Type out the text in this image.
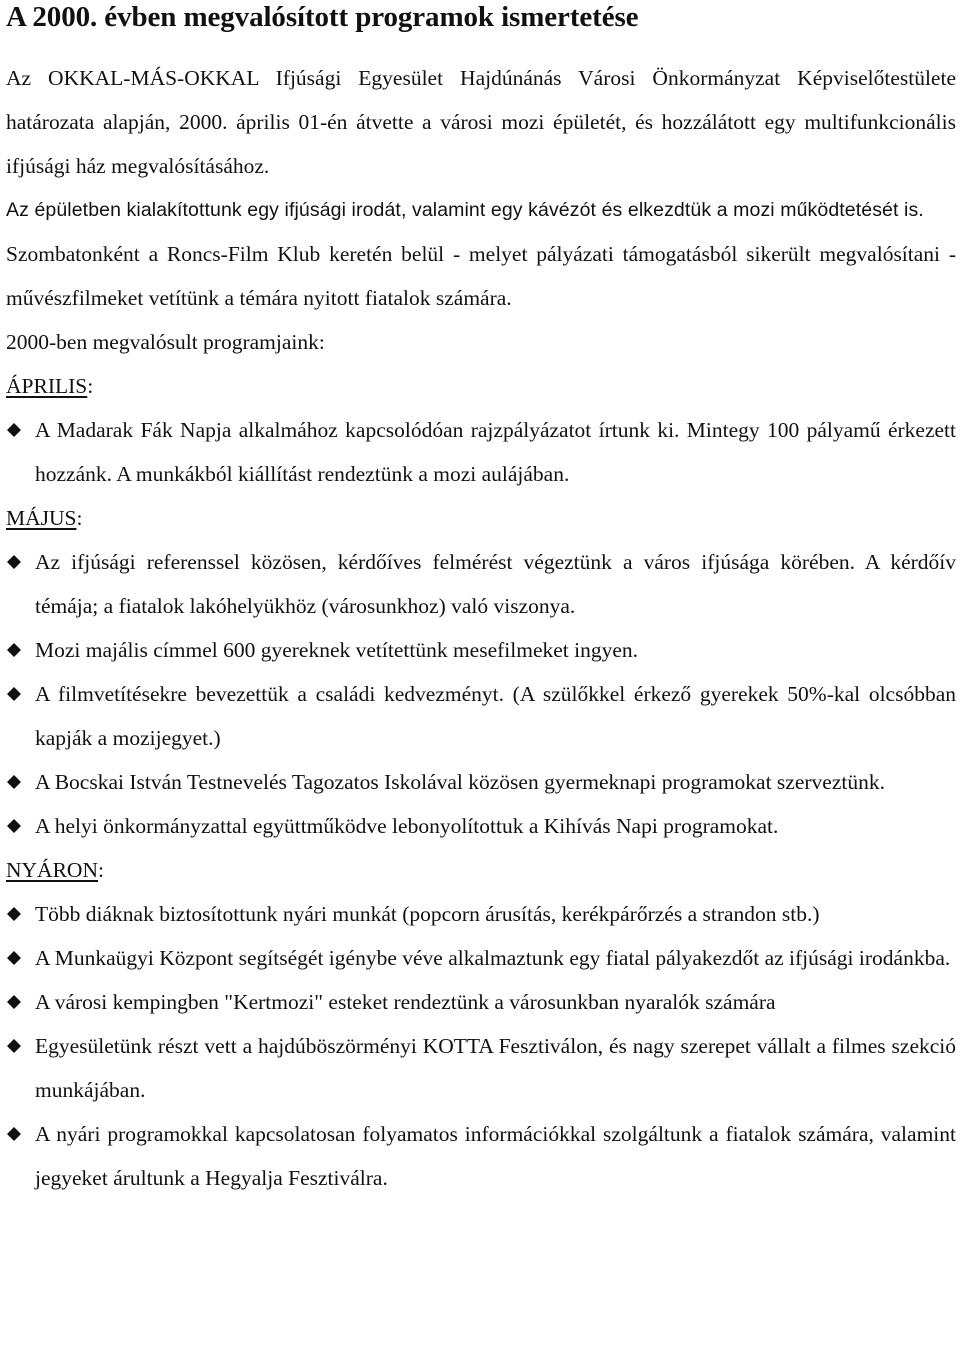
A 2000. évben megvalósított programok ismertetése

Az OKKAL-MÁS-OKKAL Ifjúsági Egyesület Hajdúnánás Városi Önkormányzat Képviselőtestülete határozata alapján, 2000. április 01-én átvette a városi mozi épületét, és hozzálátott egy multifunkcionális ifjúsági ház megvalósításához.

Az épületben kialakítottunk egy ifjúsági irodát, valamint egy kávézót és elkezdtük a mozi működtetését is.

Szombatonként a Roncs-Film Klub keretén belül - melyet pályázati támogatásból sikerült megvalósítani - művészfilmeket vetítünk a témára nyitott fiatalok számára.

2000-ben megvalósult programjaink:

ÁPRILIS:
A Madarak Fák Napja alkalmához kapcsolódóan rajzpályázatot írtunk ki. Mintegy 100 pályamű érkezett hozzánk. A munkákból kiállítást rendeztünk a mozi aulájában.
MÁJUS:
Az ifjúsági referenssel közösen, kérdőíves felmérést végeztünk a város ifjúsága körében. A kérdőív témája; a fiatalok lakóhelyükhöz (városunkhoz) való viszonya.
Mozi majális címmel 600 gyereknek vetítettünk mesefilmeket ingyen.
A filmvetítésekre bevezettük a családi kedvezményt. (A szülőkkel érkező gyerekek 50%-kal olcsóbban kapják a mozijegyet.)
A Bocskai István Testnevelés Tagozatos Iskolával közösen gyermeknapi programokat szerveztünk.
A helyi önkormányzattal együttműködve lebonyolítottuk a Kihívás Napi programokat.
NYÁRON:
Több diáknak biztosítottunk nyári munkát (popcorn árusítás, kerékpárőrzés a strandon stb.)
A Munkaügyi Központ segítségét igénybe véve alkalmaztunk egy fiatal pályakezdőt az ifjúsági irodánkba.
A városi kempingben "Kertmozi" esteket rendeztünk a városunkban nyaralók számára
Egyesületünk részt vett a hajdúböszörményi KOTTA Fesztiválon, és nagy szerepet vállalt a filmes szekció munkájában.
A nyári programokkal kapcsolatosan folyamatos információkkal szolgáltunk a fiatalok számára, valamint jegyeket árultunk a Hegyalja Fesztiválra.
